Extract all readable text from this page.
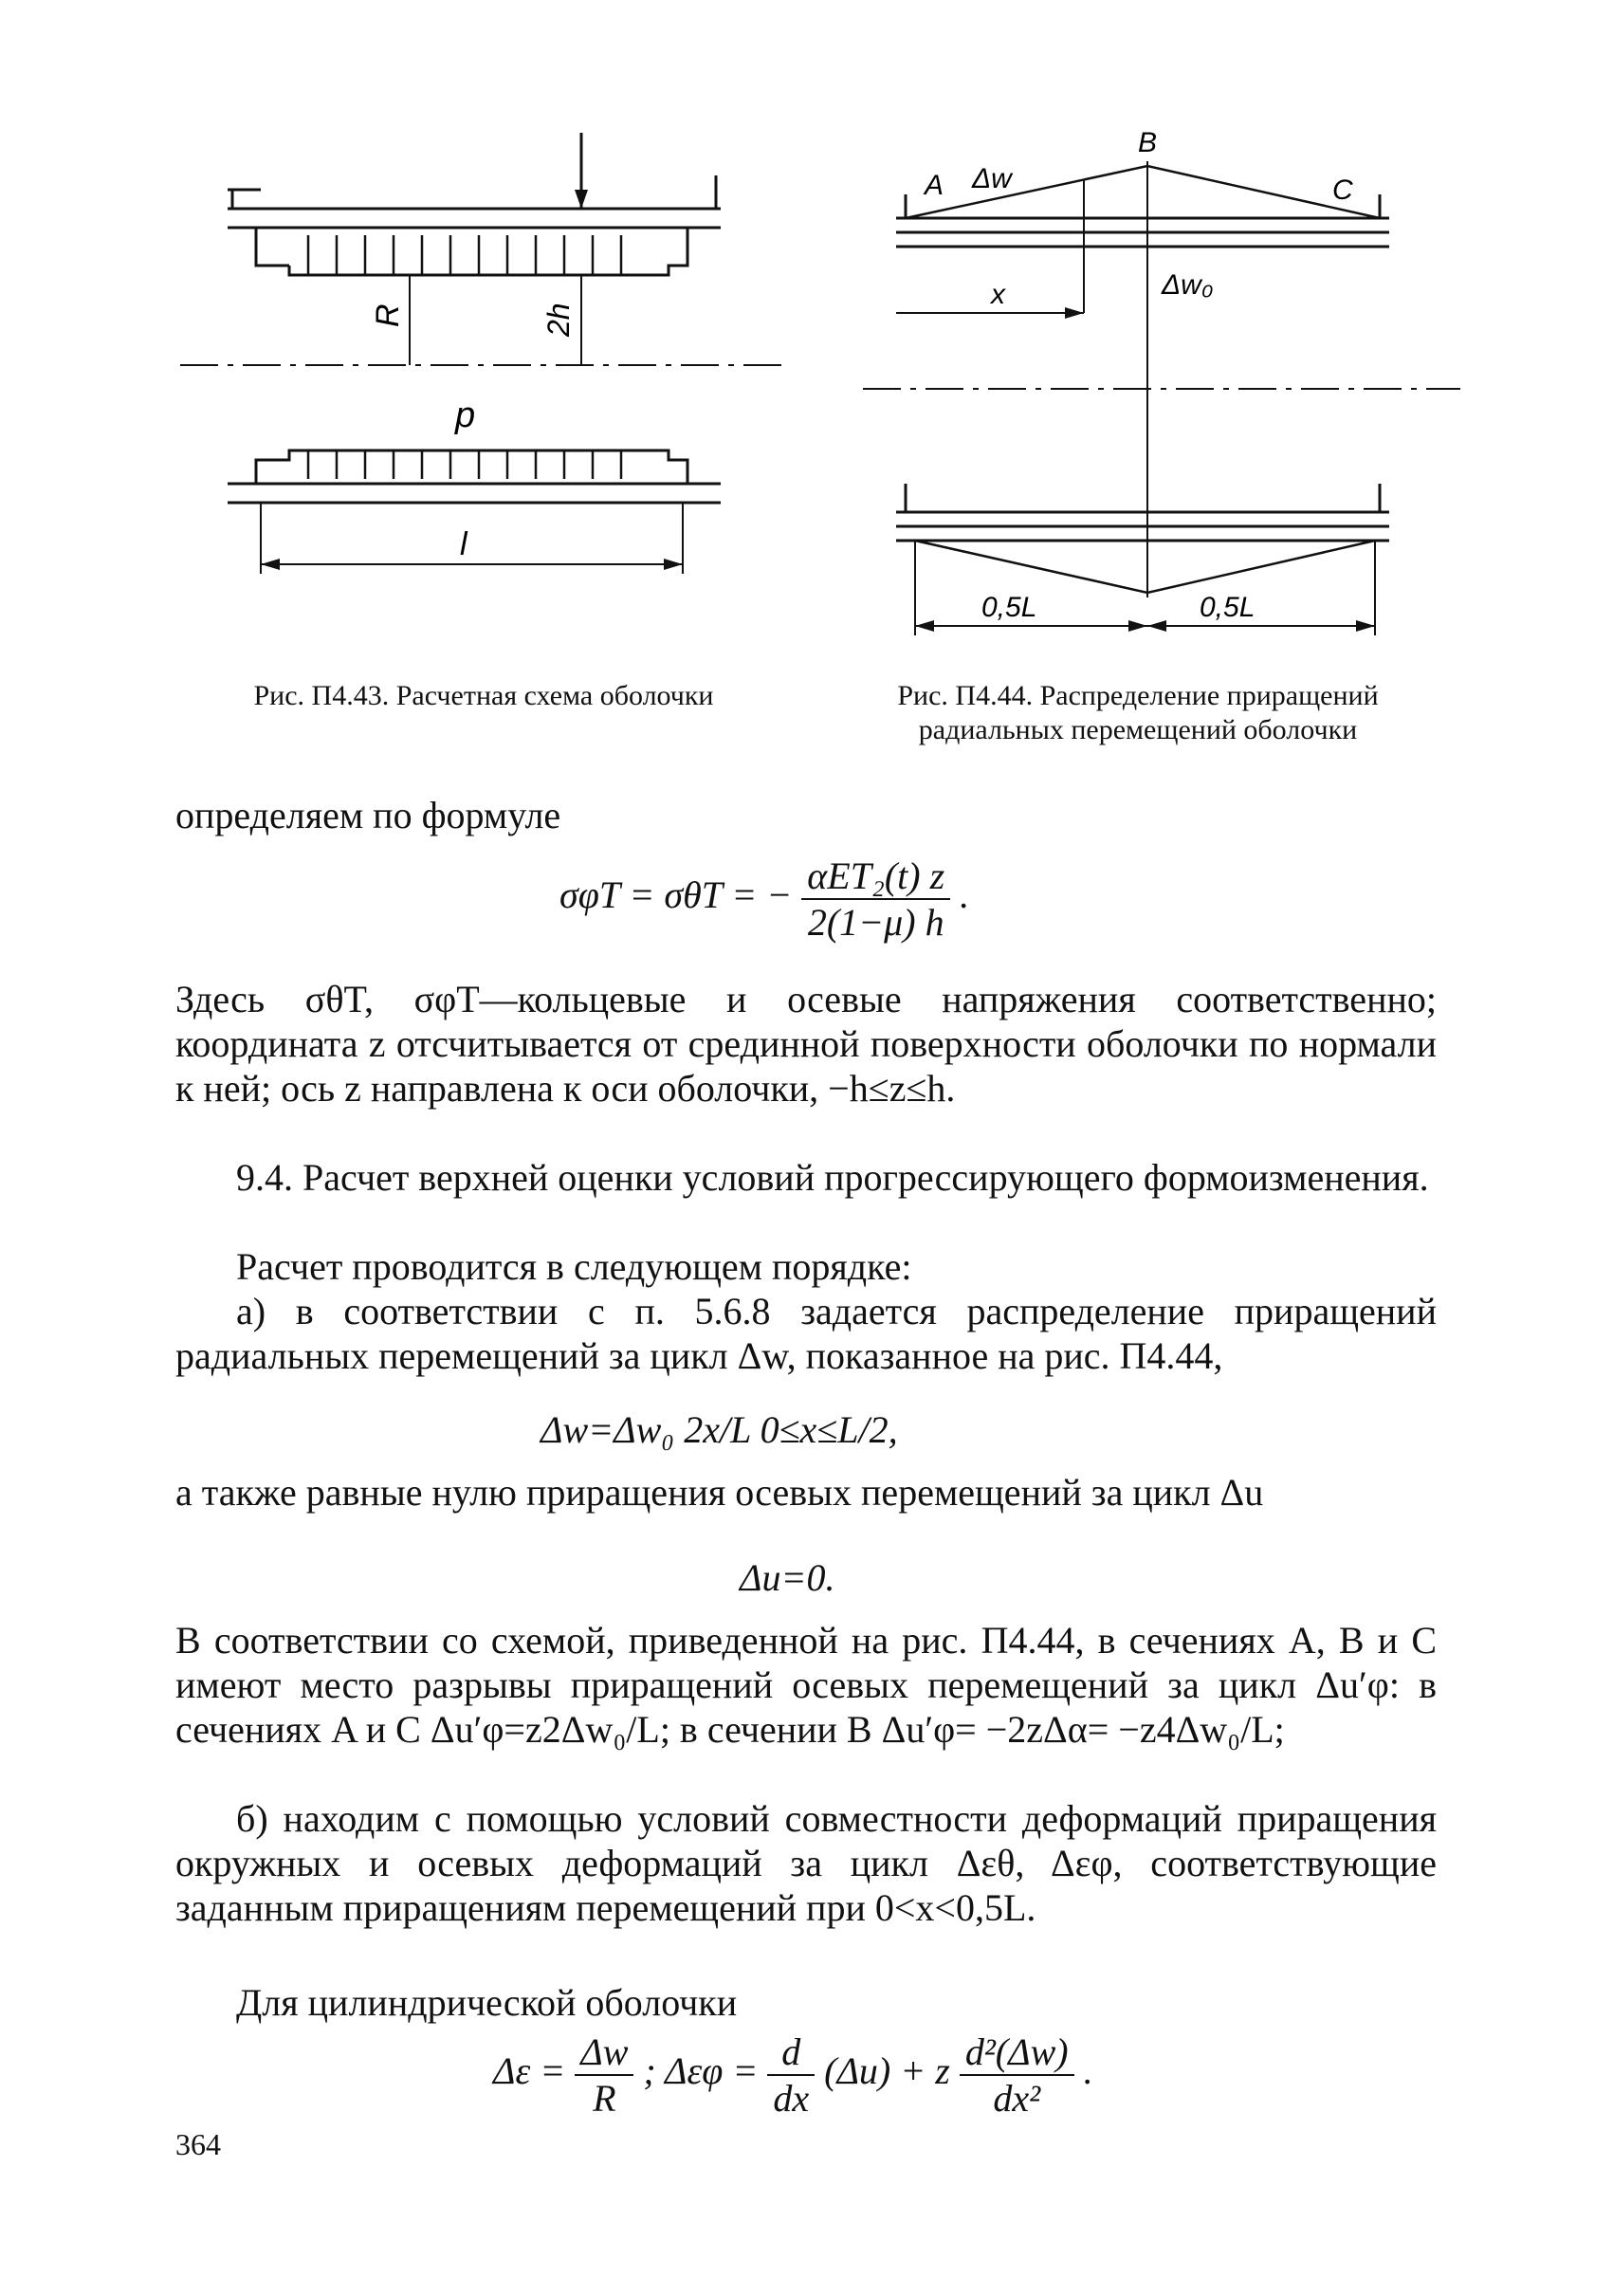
R	2h
p
l
A Δw
B
C
Δw₀
x
0,5L	0,5L
Рис. П4.43. Расчетная схема оболочки	Рис. П4.44. Распределение приращений
радиальных перемещений оболочки
определяем по формуле
σφT = σθT = − $\frac{\text{αET₂(t) z}}{2(1-\mu) h}$ .
Здесь σθT, σφT—кольцевые и осевые напряжения соответственно; координата z отсчитывается от срединной поверхности оболочки по нормали к ней; ось z направлена к оси оболочки, −h≤z≤h.
9.4. Расчет верхней оценки условий прогрессирующего формоизменения.
Расчет проводится в следующем порядке:
а) в соответствии с п. 5.6.8 задается распределение приращений радиальных перемещений за цикл Δw, показанное на рис. П4.44,
Δw=Δw₀ 2x/L 0≤x≤L/2,
а также равные нулю приращения осевых перемещений за цикл Δu
Δu=0.
В соответствии со схемой, приведенной на рис. П4.44, в сечениях A, B и C имеют место разрывы приращений осевых перемещений за цикл Δu′φ: в сечениях A и C Δu′φ=z2Δw₀/L; в сечении B Δu′φ= −2zΔα= −z4Δw₀/L;
б) находим с помощью условий совместности деформаций приращения окружных и осевых деформаций за цикл Δεθ, Δεφ, соответствующие заданным приращениям перемещений при 0<x<0,5L.
Для цилиндрической оболочки
$\Delta\varepsilon = \frac{\Delta w}{R}$ ; $\Delta\varepsilon\varphi = \frac{d}{dx} (\Delta u) + z \frac{\text{d²(Δw)}}{\text{dx²}}$ .
364
